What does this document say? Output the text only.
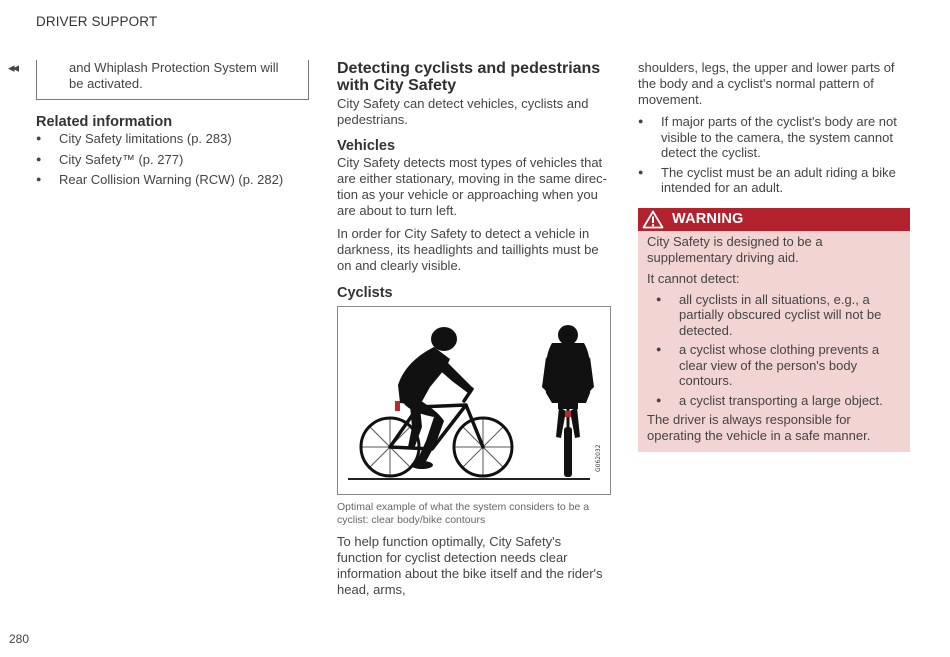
DRIVER SUPPORT
◂◂	and Whiplash Protection System will be activated.
Related information
● City Safety limitations (p. 283)
● City Safety™ (p. 277)
● Rear Collision Warning (RCW) (p. 282)
Detecting cyclists and pedestrians with City Safety

City Safety can detect vehicles, cyclists and pedestrians.

Vehicles

City Safety detects most types of vehicles that are either stationary, moving in the same direc-tion as your vehicle or approaching when you are about to turn left.

In order for City Safety to detect a vehicle in darkness, its headlights and taillights must be on and clearly visible.

Cyclists
G062032

Optimal example of what the system considers to be a cyclist: clear body/bike contours

To help function optimally, City Safety's function for cyclist detection needs clear information about the bike itself and the rider's head, arms,

shoulders, legs, the upper and lower parts of the body and a cyclist's normal pattern of movement.

● If major parts of the cyclist's body are not visible to the camera, the system cannot detect the cyclist.
● The cyclist must be an adult riding a bike intended for an adult.
WARNING

City Safety is designed to be a supplementary driving aid.

It cannot detect:

● all cyclists in all situations, e.g., a partially obscured cyclist will not be detected.
● a cyclist whose clothing prevents a clear view of the person's body contours.
● a cyclist transporting a large object.

The driver is always responsible for operating the vehicle in a safe manner.

280
